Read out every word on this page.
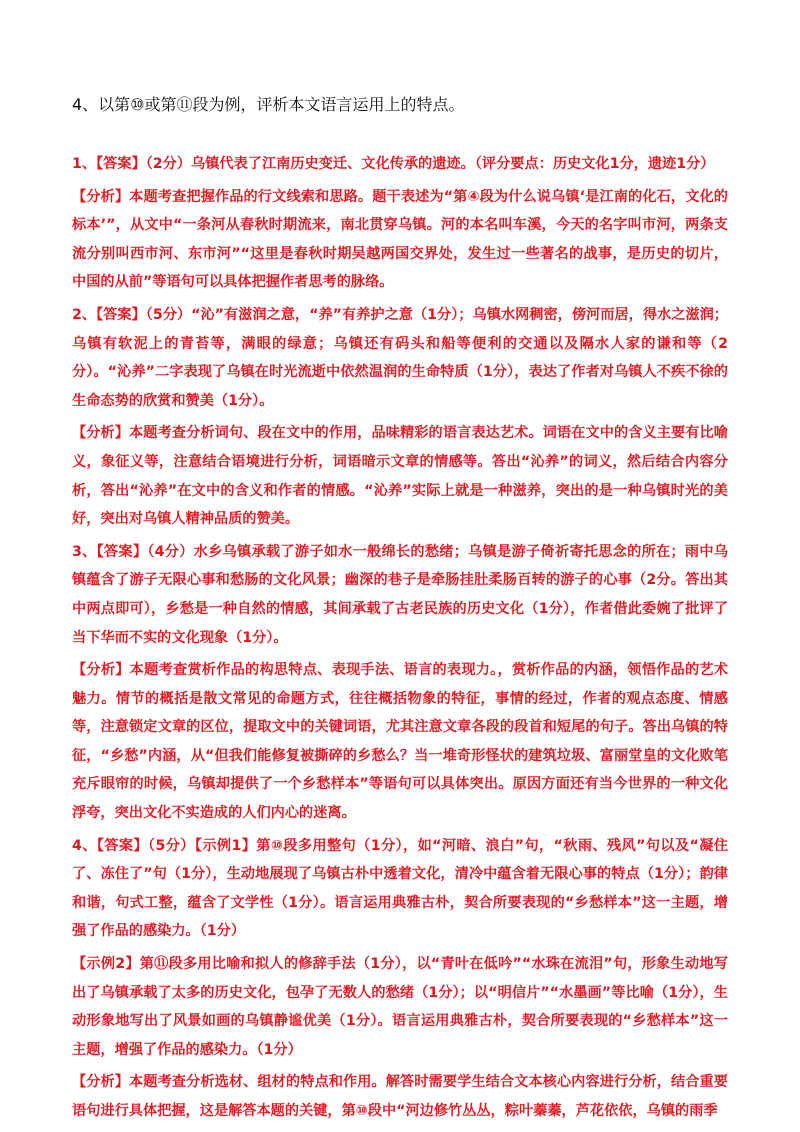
4、以第⑩或第⑪段为例，评析本文语言运用上的特点。

1、【答案】（2分）乌镇代表了江南历史变迁、文化传承的遗迹。（评分要点：历史文化1分，遗迹1分）

【分析】本题考查把握作品的行文线索和思路。题干表述为“第④段为什么说乌镇‘是江南的化石，文化的标本’”，从文中“一条河从春秋时期流来，南北贯穿乌镇。河的本名叫车溪，今天的名字叫市河，两条支流分别叫西市河、东市河”“这里是春秋时期吴越两国交界处，发生过一些著名的战事，是历史的切片，中国的从前”等语句可以具体把握作者思考的脉络。

2、【答案】（5分）“沁”有滋润之意，“养”有养护之意（1分）；乌镇水网稠密，傍河而居，得水之滋润；乌镇有软泥上的青苔等，满眼的绿意；乌镇还有码头和船等便利的交通以及隔水人家的谦和等（2分）。“沁养”二字表现了乌镇在时光流逝中依然温润的生命特质（1分），表达了作者对乌镇人不疾不徐的生命态势的欣赏和赞美（1分）。

【分析】本题考查分析词句、段在文中的作用，品味精彩的语言表达艺术。词语在文中的含义主要有比喻义，象征义等，注意结合语境进行分析，词语暗示文章的情感等。答出“沁养”的词义，然后结合内容分析，答出“沁养”在文中的含义和作者的情感。“沁养”实际上就是一种滋养，突出的是一种乌镇时光的美好，突出对乌镇人精神品质的赞美。

3、【答案】（4分）水乡乌镇承载了游子如水一般绵长的愁绪；乌镇是游子倚祈寄托思念的所在；雨中乌镇蕴含了游子无限心事和愁肠的文化风景；幽深的巷子是牵肠挂肚柔肠百转的游子的心事（2分。答出其中两点即可），乡愁是一种自然的情感，其间承载了古老民族的历史文化（1分），作者借此委婉了批评了当下华而不实的文化现象（1分）。

【分析】本题考查赏析作品的构思特点、表现手法、语言的表现力。，赏析作品的内涵，领悟作品的艺术魅力。情节的概括是散文常见的命题方式，往往概括物象的特征，事情的经过，作者的观点态度、情感等，注意锁定文章的区位，提取文中的关键词语，尤其注意文章各段的段首和短尾的句子。答出乌镇的特征，“乡愁”内涵，从“但我们能修复被撕碎的乡愁么？当一堆奇形怪状的建筑垃圾、富丽堂皇的文化败笔充斥眼帘的时候，乌镇却提供了一个乡愁样本”等语句可以具体突出。原因方面还有当今世界的一种文化浮夸，突出文化不实造成的人们内心的迷离。

4、【答案】（5分）【示例1】第⑩段多用整句（1分），如“河暗、浪白”句，“秋雨、残风”句以及“凝住了、冻住了”句（1分），生动地展现了乌镇古朴中透着文化，清冷中蕴含着无限心事的特点（1分）；韵律和谐，句式工整，蕴含了文学性（1分）。语言运用典雅古朴，契合所要表现的“乡愁样本”这一主题，增强了作品的感染力。（1分）

【示例2】第⑪段多用比喻和拟人的修辞手法（1分），以“青叶在低吟”“水珠在流泪”句，形象生动地写出了乌镇承载了太多的历史文化，包孕了无数人的愁绪（1分）；以“明信片”“水墨画”等比喻（1分），生动形象地写出了风景如画的乌镇静谧优美（1分）。语言运用典雅古朴，契合所要表现的“乡愁样本”这一主题，增强了作品的感染力。（1分）

【分析】本题考查分析选材、组材的特点和作用。解答时需要学生结合文本核心内容进行分析，结合重要语句进行具体把握，这是解答本题的关键，第⑩段中“河边修竹丛丛，粽叶蓁蓁，芦花依依，乌镇的雨季
